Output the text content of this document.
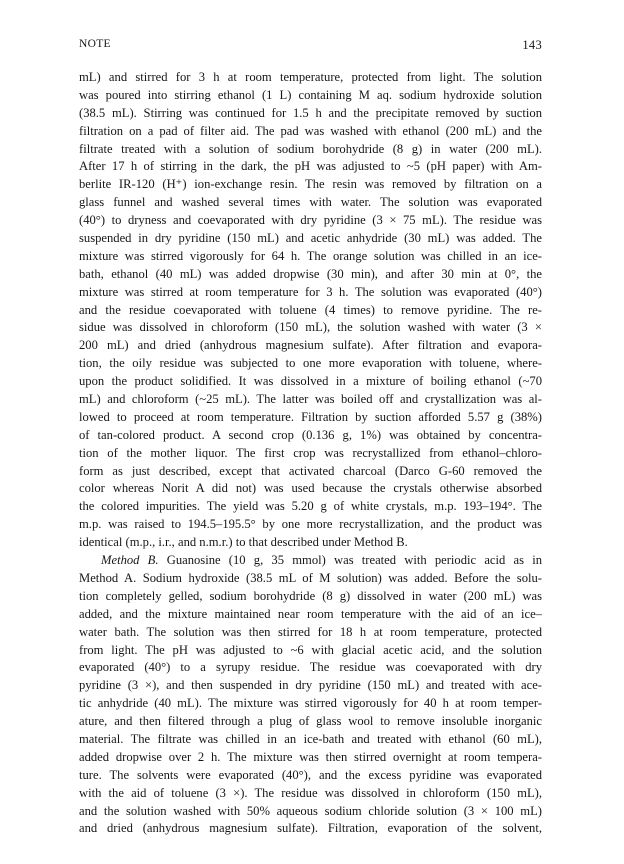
NOTE	143
mL) and stirred for 3 h at room temperature, protected from light. The solution
was poured into stirring ethanol (1 L) containing M aq. sodium hydroxide solution
(38.5 mL). Stirring was continued for 1.5 h and the precipitate removed by suction
filtration on a pad of filter aid. The pad was washed with ethanol (200 mL) and the
filtrate treated with a solution of sodium borohydride (8 g) in water (200 mL).
After 17 h of stirring in the dark, the pH was adjusted to ~5 (pH paper) with Am-
berlite IR-120 (H⁺) ion-exchange resin. The resin was removed by filtration on a
glass funnel and washed several times with water. The solution was evaporated
(40°) to dryness and coevaporated with dry pyridine (3 × 75 mL). The residue was
suspended in dry pyridine (150 mL) and acetic anhydride (30 mL) was added. The
mixture was stirred vigorously for 64 h. The orange solution was chilled in an ice-
bath, ethanol (40 mL) was added dropwise (30 min), and after 30 min at 0°, the
mixture was stirred at room temperature for 3 h. The solution was evaporated (40°)
and the residue coevaporated with toluene (4 times) to remove pyridine. The re-
sidue was dissolved in chloroform (150 mL), the solution washed with water (3 ×
200 mL) and dried (anhydrous magnesium sulfate). After filtration and evapora-
tion, the oily residue was subjected to one more evaporation with toluene, where-
upon the product solidified. It was dissolved in a mixture of boiling ethanol (~70
mL) and chloroform (~25 mL). The latter was boiled off and crystallization was al-
lowed to proceed at room temperature. Filtration by suction afforded 5.57 g (38%)
of tan-colored product. A second crop (0.136 g, 1%) was obtained by concentra-
tion of the mother liquor. The first crop was recrystallized from ethanol–chloro-
form as just described, except that activated charcoal (Darco G-60 removed the
color whereas Norit A did not) was used because the crystals otherwise absorbed
the colored impurities. The yield was 5.20 g of white crystals, m.p. 193–194°. The
m.p. was raised to 194.5–195.5° by one more recrystallization, and the product was
identical (m.p., i.r., and n.m.r.) to that described under Method B.
Method B. Guanosine (10 g, 35 mmol) was treated with periodic acid as in
Method A. Sodium hydroxide (38.5 mL of M solution) was added. Before the solu-
tion completely gelled, sodium borohydride (8 g) dissolved in water (200 mL) was
added, and the mixture maintained near room temperature with the aid of an ice–
water bath. The solution was then stirred for 18 h at room temperature, protected
from light. The pH was adjusted to ~6 with glacial acetic acid, and the solution
evaporated (40°) to a syrupy residue. The residue was coevaporated with dry
pyridine (3 ×), and then suspended in dry pyridine (150 mL) and treated with ace-
tic anhydride (40 mL). The mixture was stirred vigorously for 40 h at room temper-
ature, and then filtered through a plug of glass wool to remove insoluble inorganic
material. The filtrate was chilled in an ice-bath and treated with ethanol (60 mL),
added dropwise over 2 h. The mixture was then stirred overnight at room tempera-
ture. The solvents were evaporated (40°), and the excess pyridine was evaporated
with the aid of toluene (3 ×). The residue was dissolved in chloroform (150 mL),
and the solution washed with 50% aqueous sodium chloride solution (3 × 100 mL)
and dried (anhydrous magnesium sulfate). Filtration, evaporation of the solvent,
